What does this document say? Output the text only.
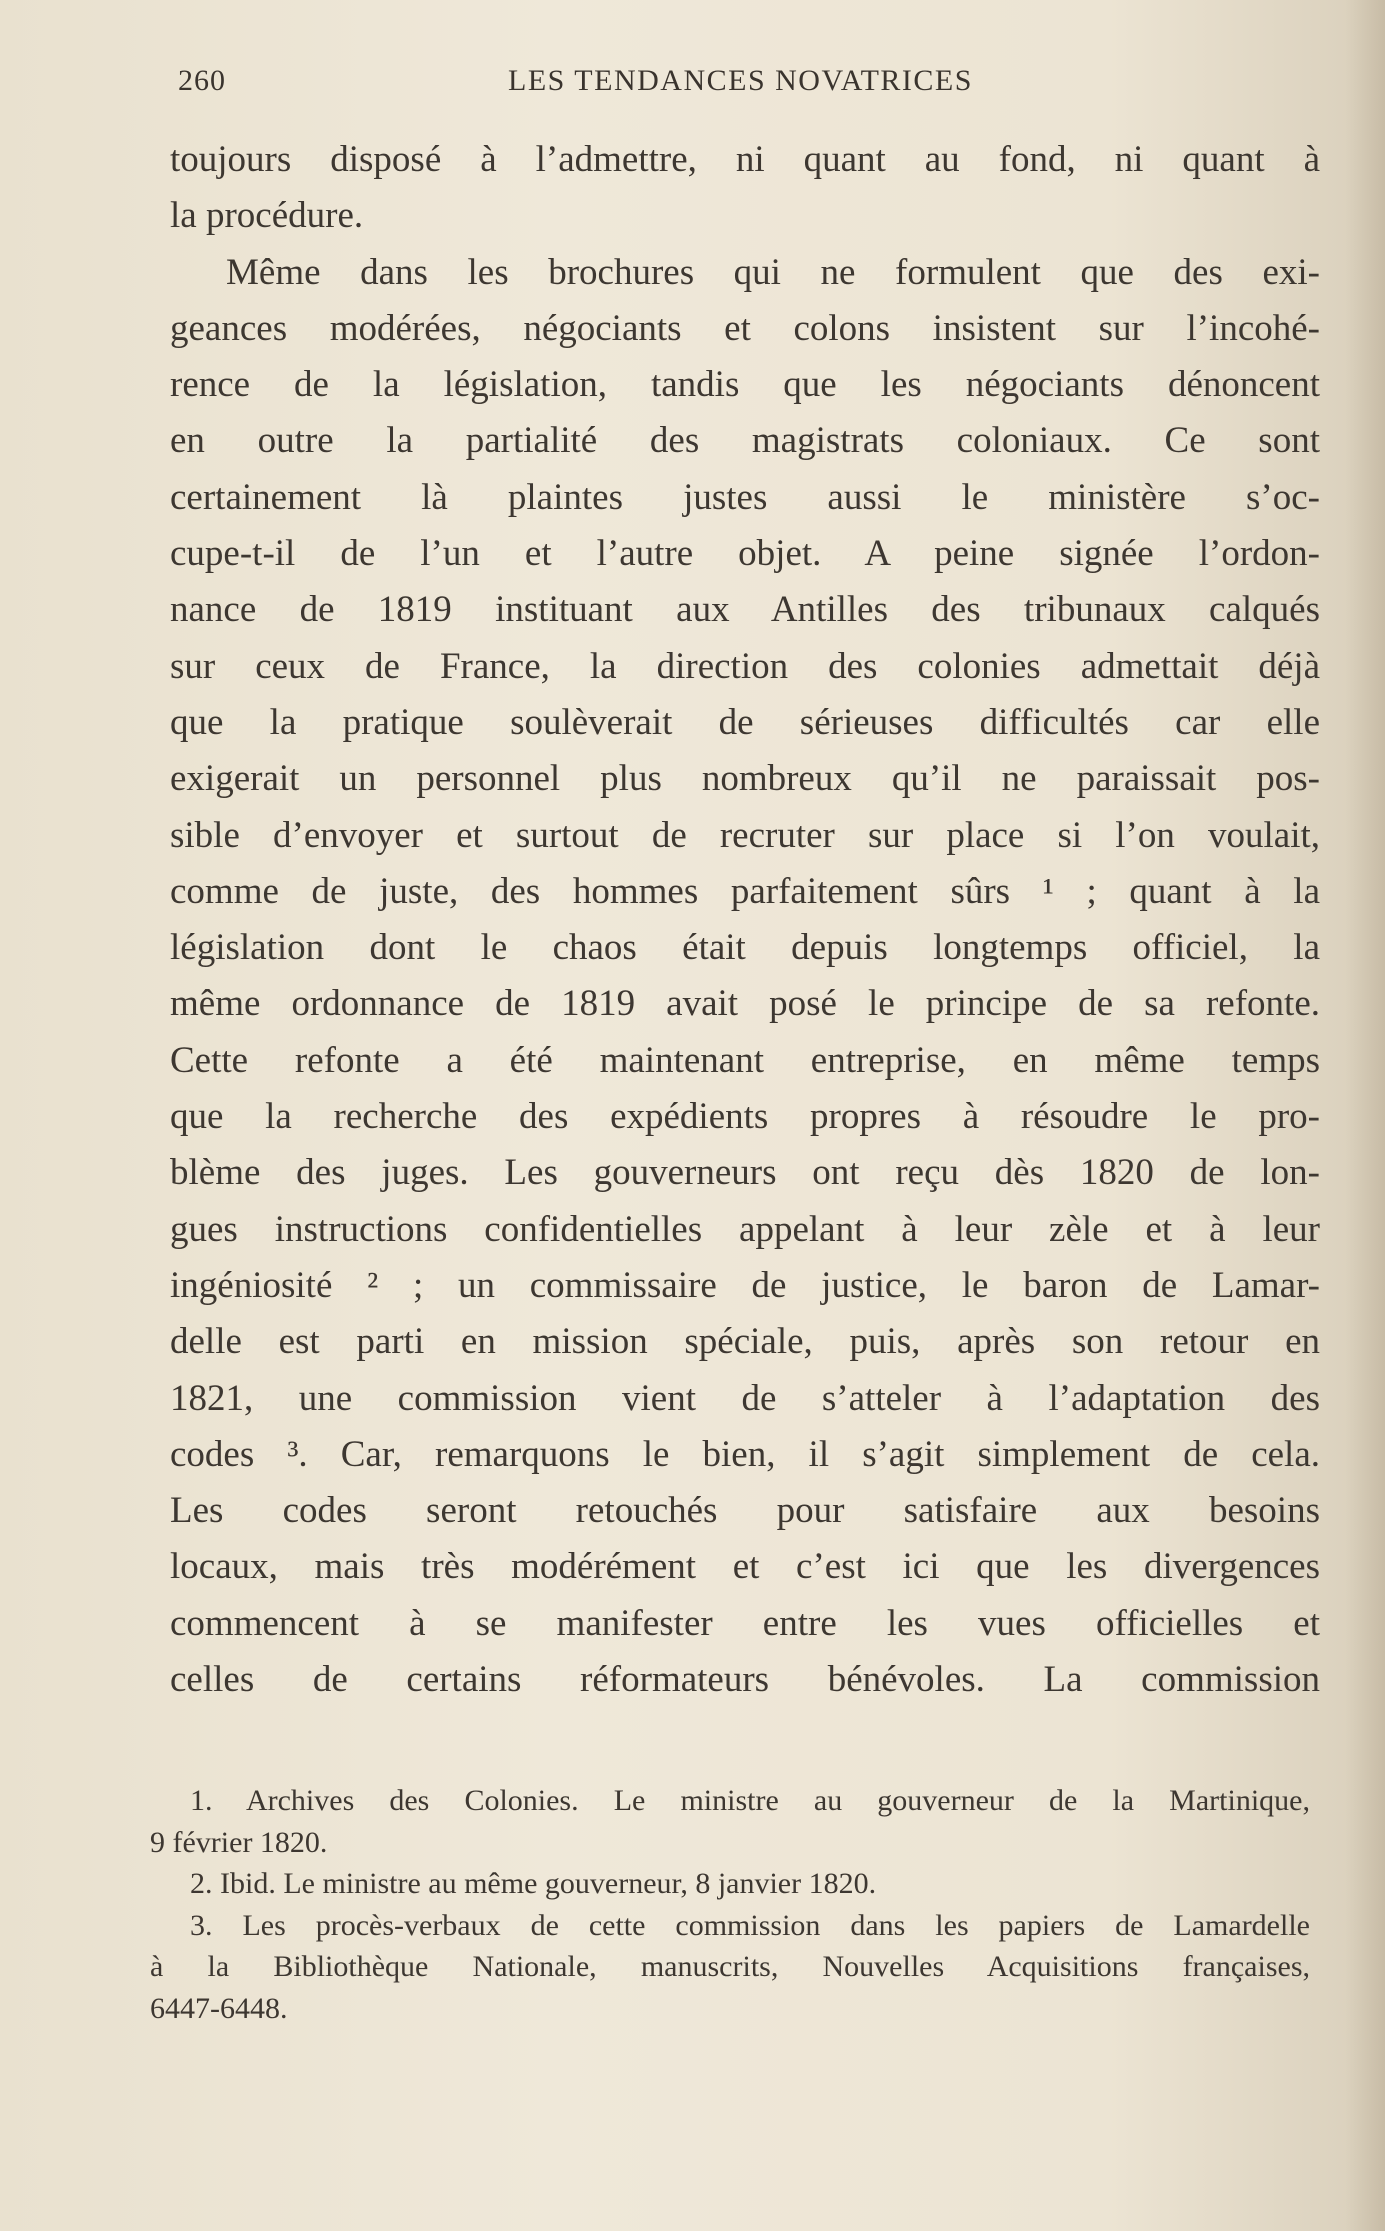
260	LES TENDANCES NOVATRICES
toujours disposé à l’admettre, ni quant au fond, ni quant à
la procédure.
Même dans les brochures qui ne formulent que des exi-
geances modérées, négociants et colons insistent sur l’incohé-
rence de la législation, tandis que les négociants dénoncent
en outre la partialité des magistrats coloniaux. Ce sont
certainement là plaintes justes aussi le ministère s’oc-
cupe-t-il de l’un et l’autre objet. A peine signée l’ordon-
nance de 1819 instituant aux Antilles des tribunaux calqués
sur ceux de France, la direction des colonies admettait déjà
que la pratique soulèverait de sérieuses difficultés car elle
exigerait un personnel plus nombreux qu’il ne paraissait pos-
sible d’envoyer et surtout de recruter sur place si l’on voulait,
comme de juste, des hommes parfaitement sûrs ¹ ; quant à la
législation dont le chaos était depuis longtemps officiel, la
même ordonnance de 1819 avait posé le principe de sa refonte.
Cette refonte a été maintenant entreprise, en même temps
que la recherche des expédients propres à résoudre le pro-
blème des juges. Les gouverneurs ont reçu dès 1820 de lon-
gues instructions confidentielles appelant à leur zèle et à leur
ingéniosité ² ; un commissaire de justice, le baron de Lamar-
delle est parti en mission spéciale, puis, après son retour en
1821, une commission vient de s’atteler à l’adaptation des
codes ³. Car, remarquons le bien, il s’agit simplement de cela.
Les codes seront retouchés pour satisfaire aux besoins
locaux, mais très modérément et c’est ici que les divergences
commencent à se manifester entre les vues officielles et
celles de certains réformateurs bénévoles. La commission
1. Archives des Colonies. Le ministre au gouverneur de la Martinique,
9 février 1820.
2. Ibid. Le ministre au même gouverneur, 8 janvier 1820.
3. Les procès-verbaux de cette commission dans les papiers de Lamardelle
à la Bibliothèque Nationale, manuscrits, Nouvelles Acquisitions françaises,
6447-6448.
